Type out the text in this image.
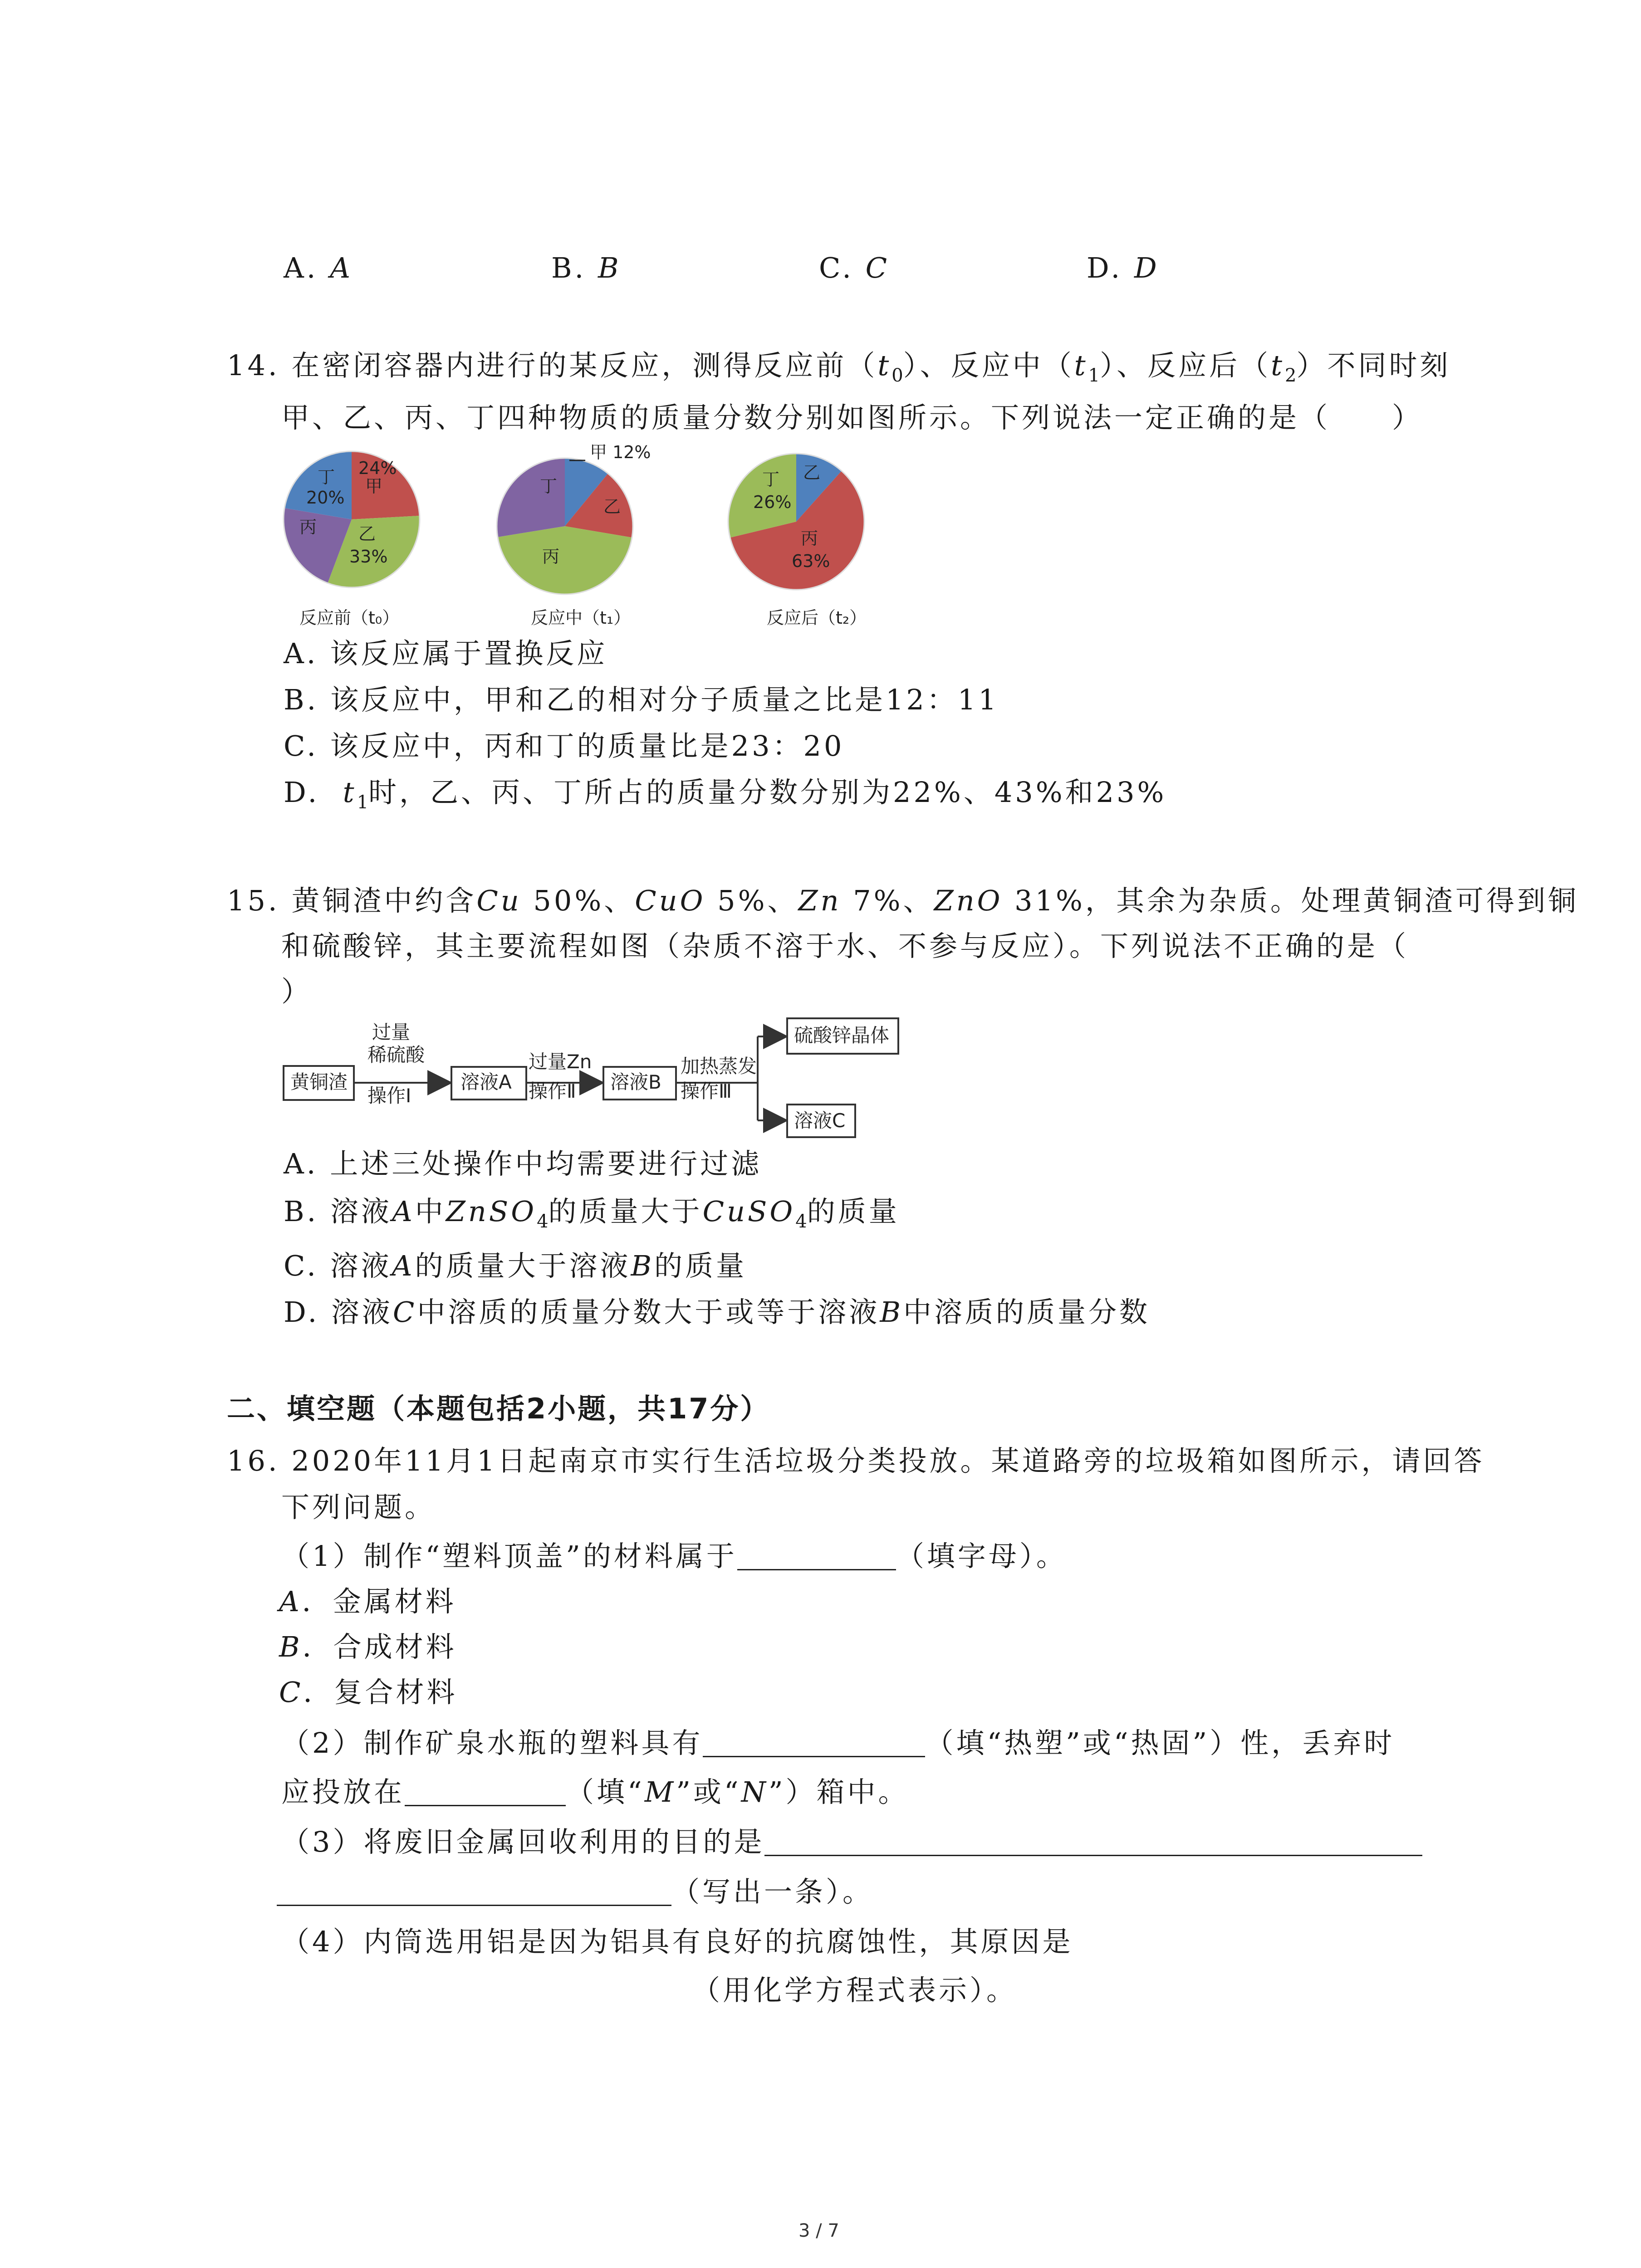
A. A	B. B	C. C	D. D
14. 在密闭容器内进行的某反应，测得反应前$(t_0)$、反应中$(t_1)$、反应后$(t_2)$不同时刻
甲、乙、丙、丁四种物质的质量分数分别如图所示。下列说法一定正确的是（　　）
丁
20%
24%
甲
丙 乙
33%
反应前（t₀）
甲 12%
丁
乙
丙
反应中（t₁）
丁
26%
乙
丙
63%
反应后（t₂）
A. 该反应属于置换反应
B. 该反应中，甲和乙的相对分子质量之比是12：11
C. 该反应中，丙和丁的质量比是23：20
D. $t_1$时，乙、丙、丁所占的质量分数分别为22%、43%和23%
15. 黄铜渣中约含Cu 50%、CuO 5%、Zn 7%、ZnO 31%，其余为杂质。处理黄铜渣可得到铜
和硫酸锌，其主要流程如图（杂质不溶于水、不参与反应）。下列说法不正确的是（
）
黄铜渣
过量
稀硫酸
操作Ⅰ
溶液A
过量Zn
操作Ⅱ 溶液B
加热蒸发
操作Ⅲ
硫酸锌晶体
溶液C
A. 上述三处操作中均需要进行过滤
B. 溶液A中ZnSO$_4$的质量大于CuSO$_4$的质量
C. 溶液A的质量大于溶液B的质量
D. 溶液C中溶质的质量分数大于或等于溶液B中溶质的质量分数
二、填空题（本题包括2小题，共17分）
16. 2020年11月1日起南京市实行生活垃圾分类投放。某道路旁的垃圾箱如图所示，请回答
下列问题。
（1）制作“塑料顶盖”的材料属于	（填字母）。
A．金属材料
B．合成材料
C．复合材料
（2）制作矿泉水瓶的塑料具有	（填“热塑”或“热固”）性，丢弃时
应投放在	（填“M”或“N”）箱中。
（3）将废旧金属回收利用的目的是
（写出一条）。
（4）内筒选用铝是因为铝具有良好的抗腐蚀性，其原因是
（用化学方程式表示）。
3 / 7
